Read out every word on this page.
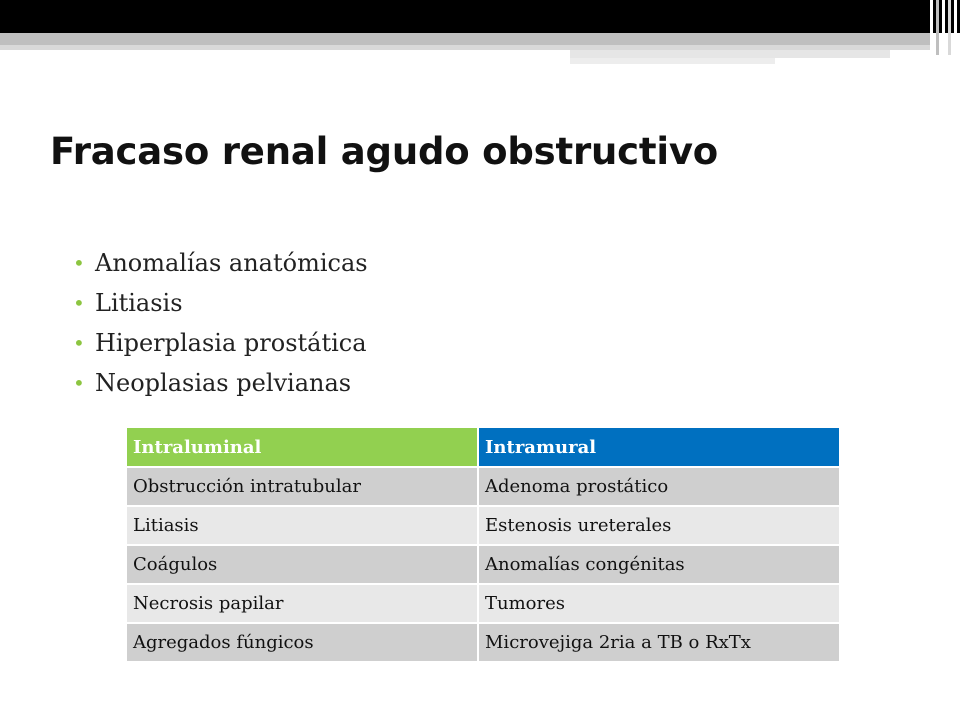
Fracaso renal agudo obstructivo
• Anomalías anatómicas
• Litiasis
• Hiperplasia prostática
• Neoplasias pelvianas
Intraluminal	Intramural
Obstrucción intratubular	Adenoma prostático
Litiasis	Estenosis ureterales
Coágulos	Anomalías congénitas
Necrosis papilar	Tumores
Agregados fúngicos	Microvejiga 2ria a TB o RxTx
